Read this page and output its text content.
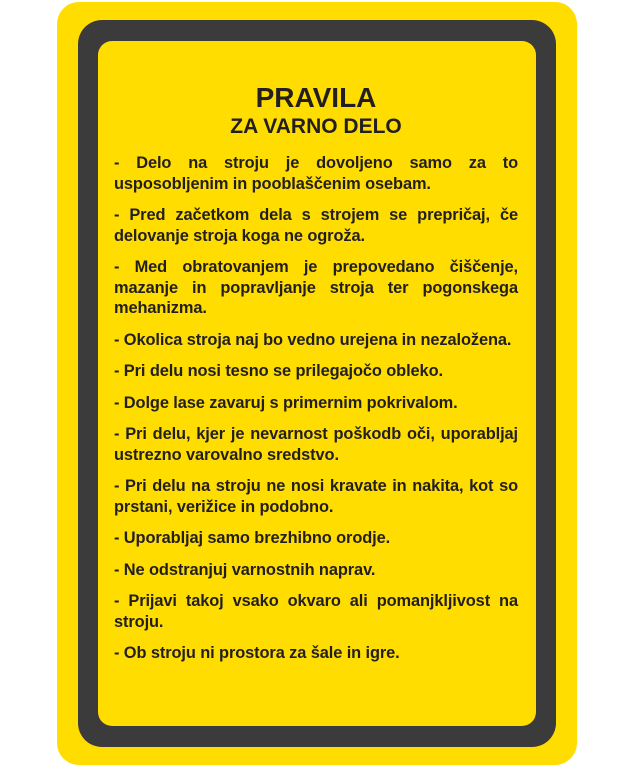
PRAVILA
ZA VARNO DELO
- Delo na stroju je dovoljeno samo za to usposobljenim in pooblaščenim osebam.
- Pred začetkom dela s strojem se prepričaj, če delovanje stroja koga ne ogroža.
- Med obratovanjem je prepovedano čiščenje, mazanje in popravljanje stroja ter pogonskega mehanizma.
- Okolica stroja naj bo vedno urejena in nezaložena.
- Pri delu nosi tesno se prilegajočo obleko.
- Dolge lase zavaruj s primernim pokrivalom.
- Pri delu, kjer je nevarnost poškodb oči, uporabljaj ustrezno varovalno sredstvo.
- Pri delu na stroju ne nosi kravate in nakita, kot so prstani, verižice in podobno.
- Uporabljaj samo brezhibno orodje.
- Ne odstranjuj varnostnih naprav.
- Prijavi takoj vsako okvaro ali pomanjkljivost na stroju.
- Ob stroju ni prostora za šale in igre.
